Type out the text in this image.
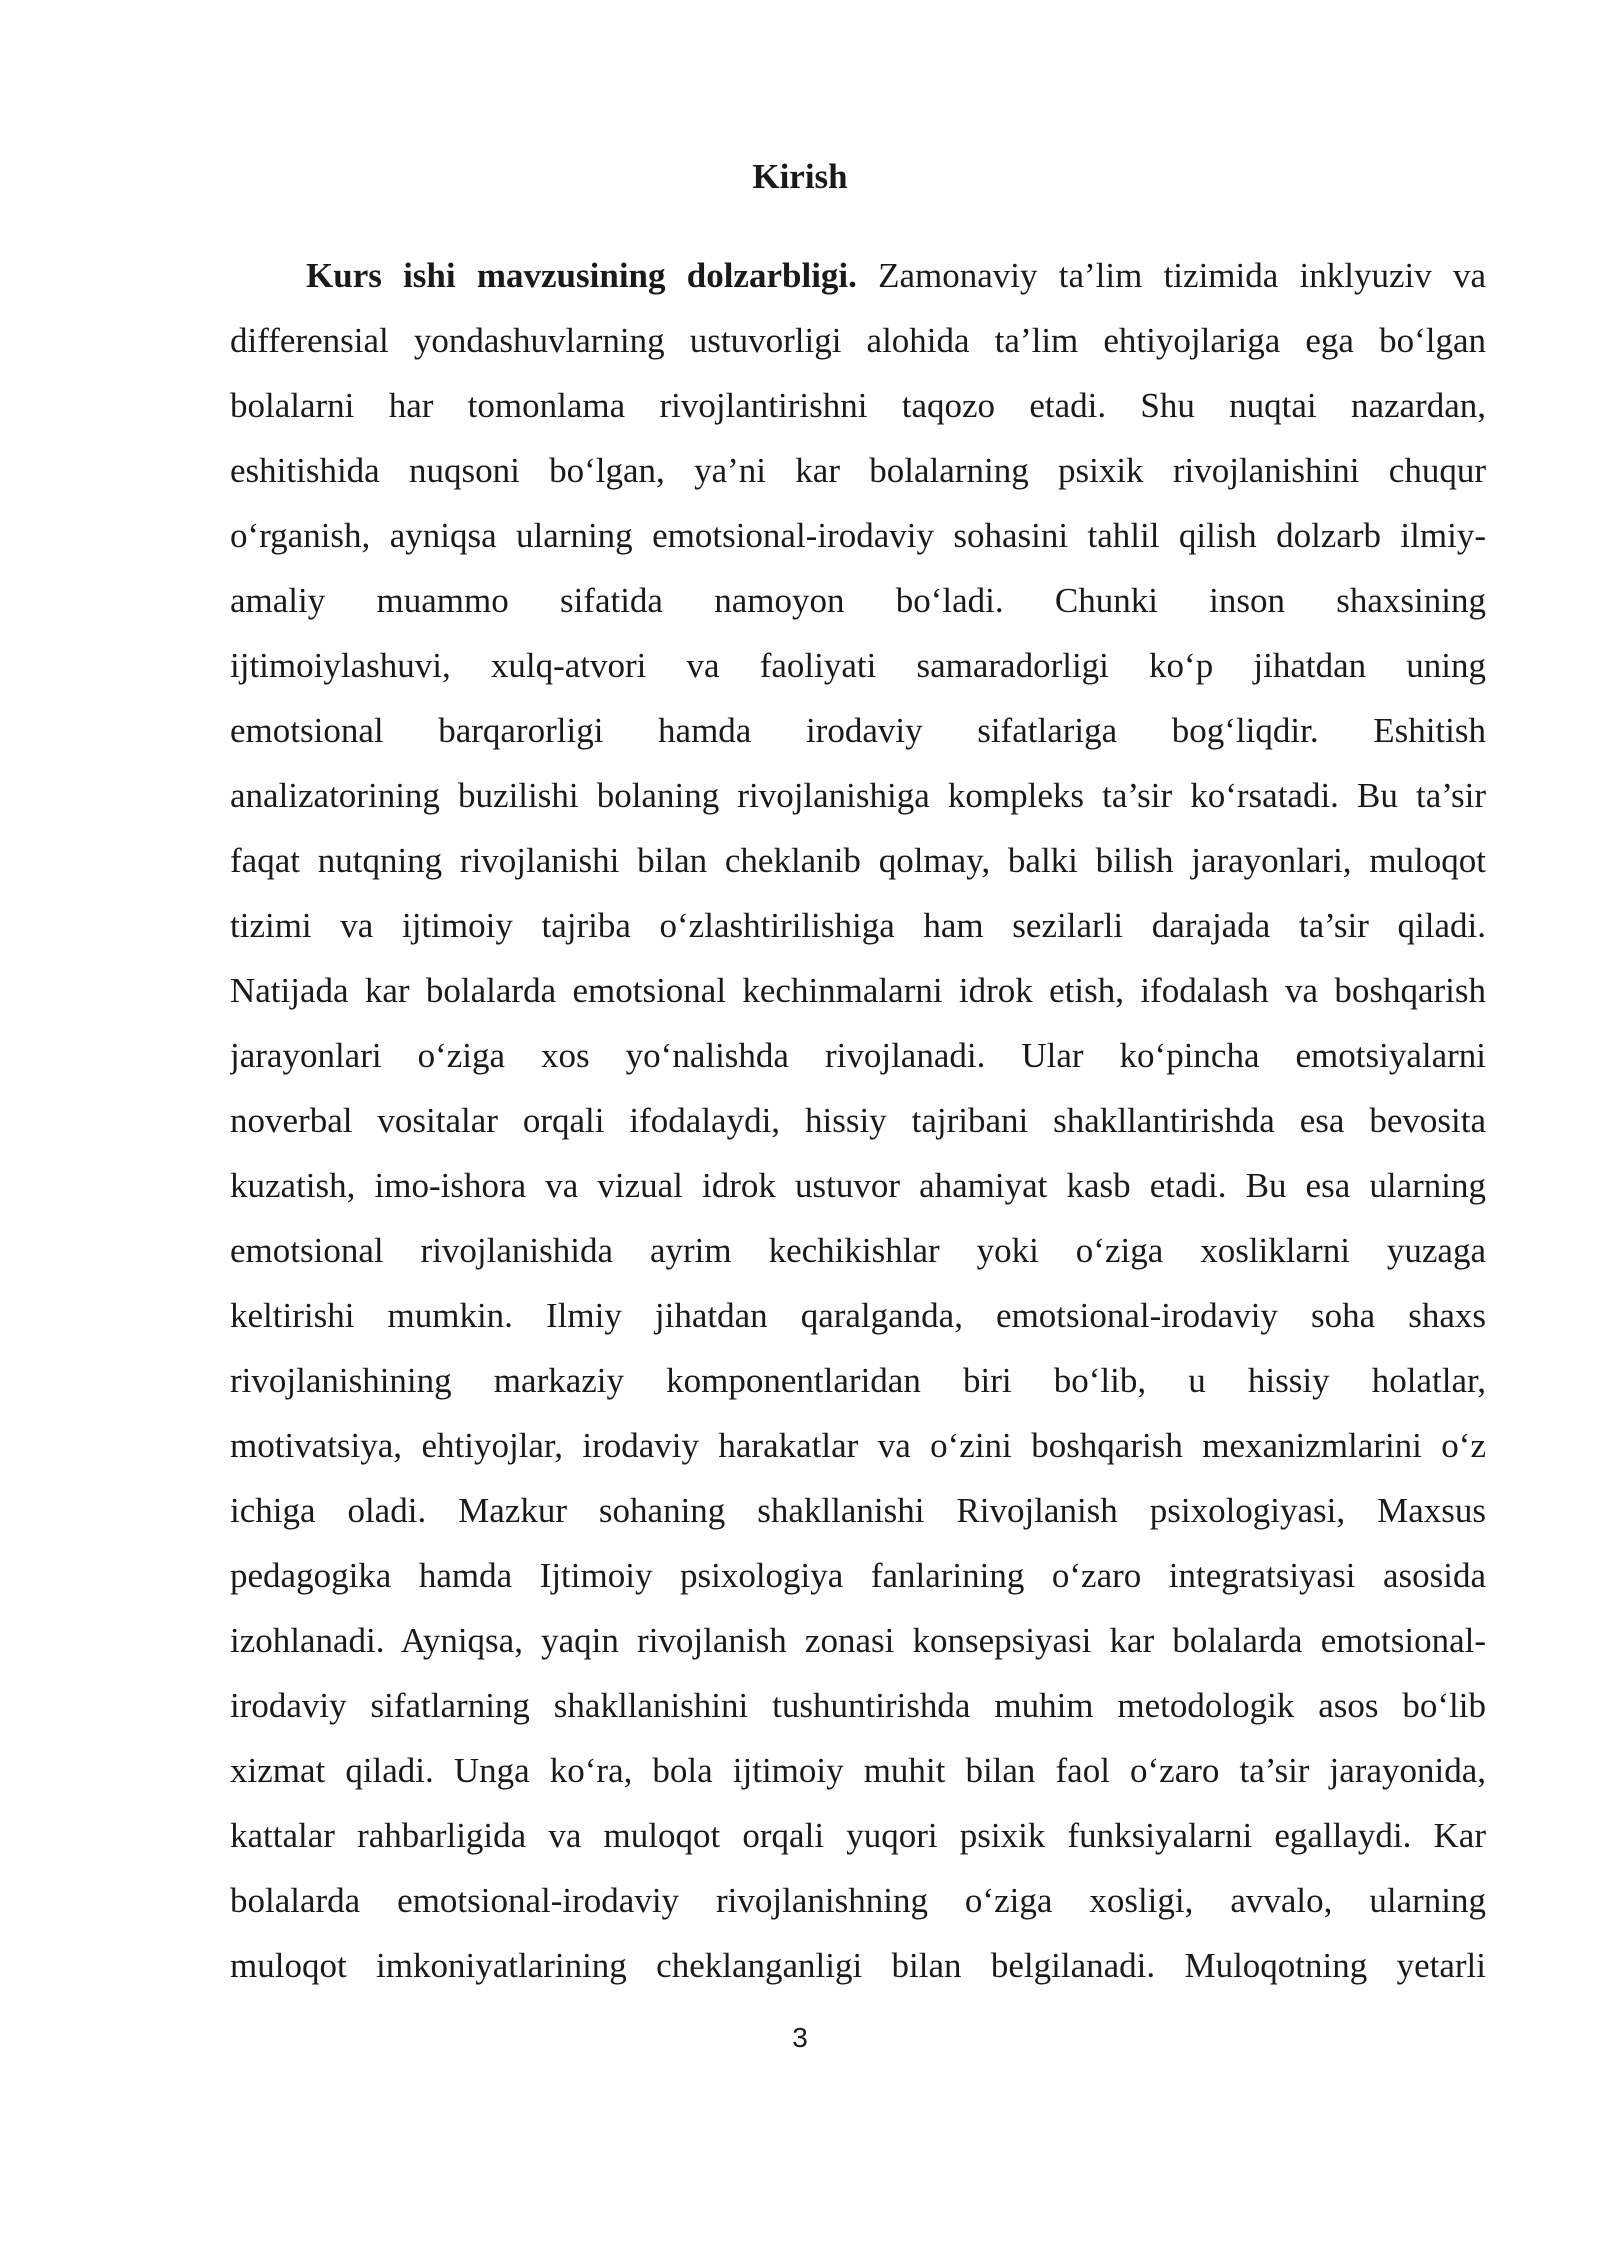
Kirish
Kurs ishi mavzusining dolzarbligi. Zamonaviy ta’lim tizimida inklyuziv va
differensial yondashuvlarning ustuvorligi alohida ta’lim ehtiyojlariga ega bo‘lgan
bolalarni har tomonlama rivojlantirishni taqozo etadi. Shu nuqtai nazardan,
eshitishida nuqsoni bo‘lgan, ya’ni kar bolalarning psixik rivojlanishini chuqur
o‘rganish, ayniqsa ularning emotsional-irodaviy sohasini tahlil qilish dolzarb ilmiy-
amaliy muammo sifatida namoyon bo‘ladi. Chunki inson shaxsining
ijtimoiylashuvi, xulq-atvori va faoliyati samaradorligi ko‘p jihatdan uning
emotsional barqarorligi hamda irodaviy sifatlariga bog‘liqdir. Eshitish
analizatorining buzilishi bolaning rivojlanishiga kompleks ta’sir ko‘rsatadi. Bu ta’sir
faqat nutqning rivojlanishi bilan cheklanib qolmay, balki bilish jarayonlari, muloqot
tizimi va ijtimoiy tajriba o‘zlashtirilishiga ham sezilarli darajada ta’sir qiladi.
Natijada kar bolalarda emotsional kechinmalarni idrok etish, ifodalash va boshqarish
jarayonlari o‘ziga xos yo‘nalishda rivojlanadi. Ular ko‘pincha emotsiyalarni
noverbal vositalar orqali ifodalaydi, hissiy tajribani shakllantirishda esa bevosita
kuzatish, imo-ishora va vizual idrok ustuvor ahamiyat kasb etadi. Bu esa ularning
emotsional rivojlanishida ayrim kechikishlar yoki o‘ziga xosliklarni yuzaga
keltirishi mumkin. Ilmiy jihatdan qaralganda, emotsional-irodaviy soha shaxs
rivojlanishining markaziy komponentlaridan biri bo‘lib, u hissiy holatlar,
motivatsiya, ehtiyojlar, irodaviy harakatlar va o‘zini boshqarish mexanizmlarini o‘z
ichiga oladi. Mazkur sohaning shakllanishi Rivojlanish psixologiyasi, Maxsus
pedagogika hamda Ijtimoiy psixologiya fanlarining o‘zaro integratsiyasi asosida
izohlanadi. Ayniqsa, yaqin rivojlanish zonasi konsepsiyasi kar bolalarda emotsional-
irodaviy sifatlarning shakllanishini tushuntirishda muhim metodologik asos bo‘lib
xizmat qiladi. Unga ko‘ra, bola ijtimoiy muhit bilan faol o‘zaro ta’sir jarayonida,
kattalar rahbarligida va muloqot orqali yuqori psixik funksiyalarni egallaydi. Kar
bolalarda emotsional-irodaviy rivojlanishning o‘ziga xosligi, avvalo, ularning
muloqot imkoniyatlarining cheklanganligi bilan belgilanadi. Muloqotning yetarli
3
